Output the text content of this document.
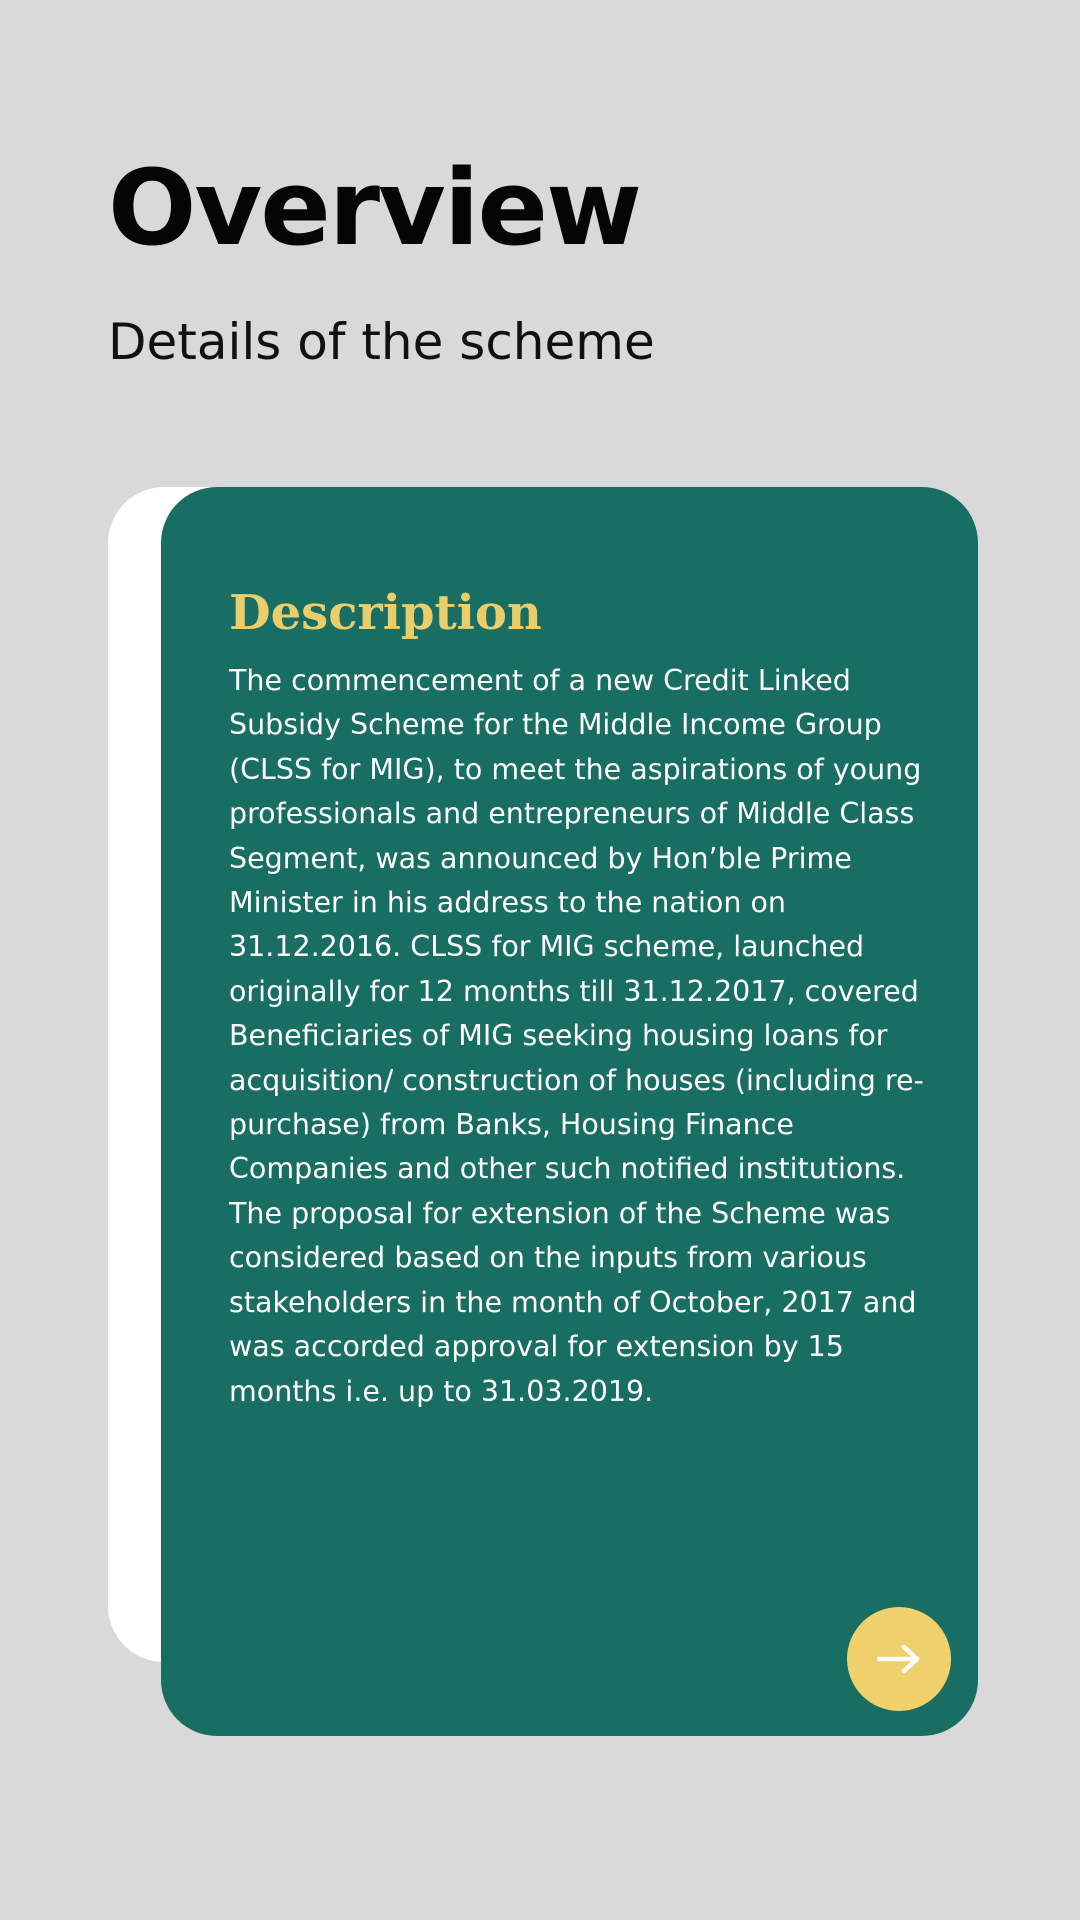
Overview
Details of the scheme
Description

The commencement of a new Credit Linked Subsidy Scheme for the Middle Income Group (CLSS for MIG), to meet the aspirations of young professionals and entrepreneurs of Middle Class Segment, was announced by Hon’ble Prime Minister in his address to the nation on 31.12.2016. CLSS for MIG scheme, launched originally for 12 months till 31.12.2017, covered Beneficiaries of MIG seeking housing loans for acquisition/ construction of houses (including re-purchase) from Banks, Housing Finance Companies and other such notified institutions. The proposal for extension of the Scheme was considered based on the inputs from various stakeholders in the month of October, 2017 and was accorded approval for extension by 15 months i.e. up to 31.03.2019.
